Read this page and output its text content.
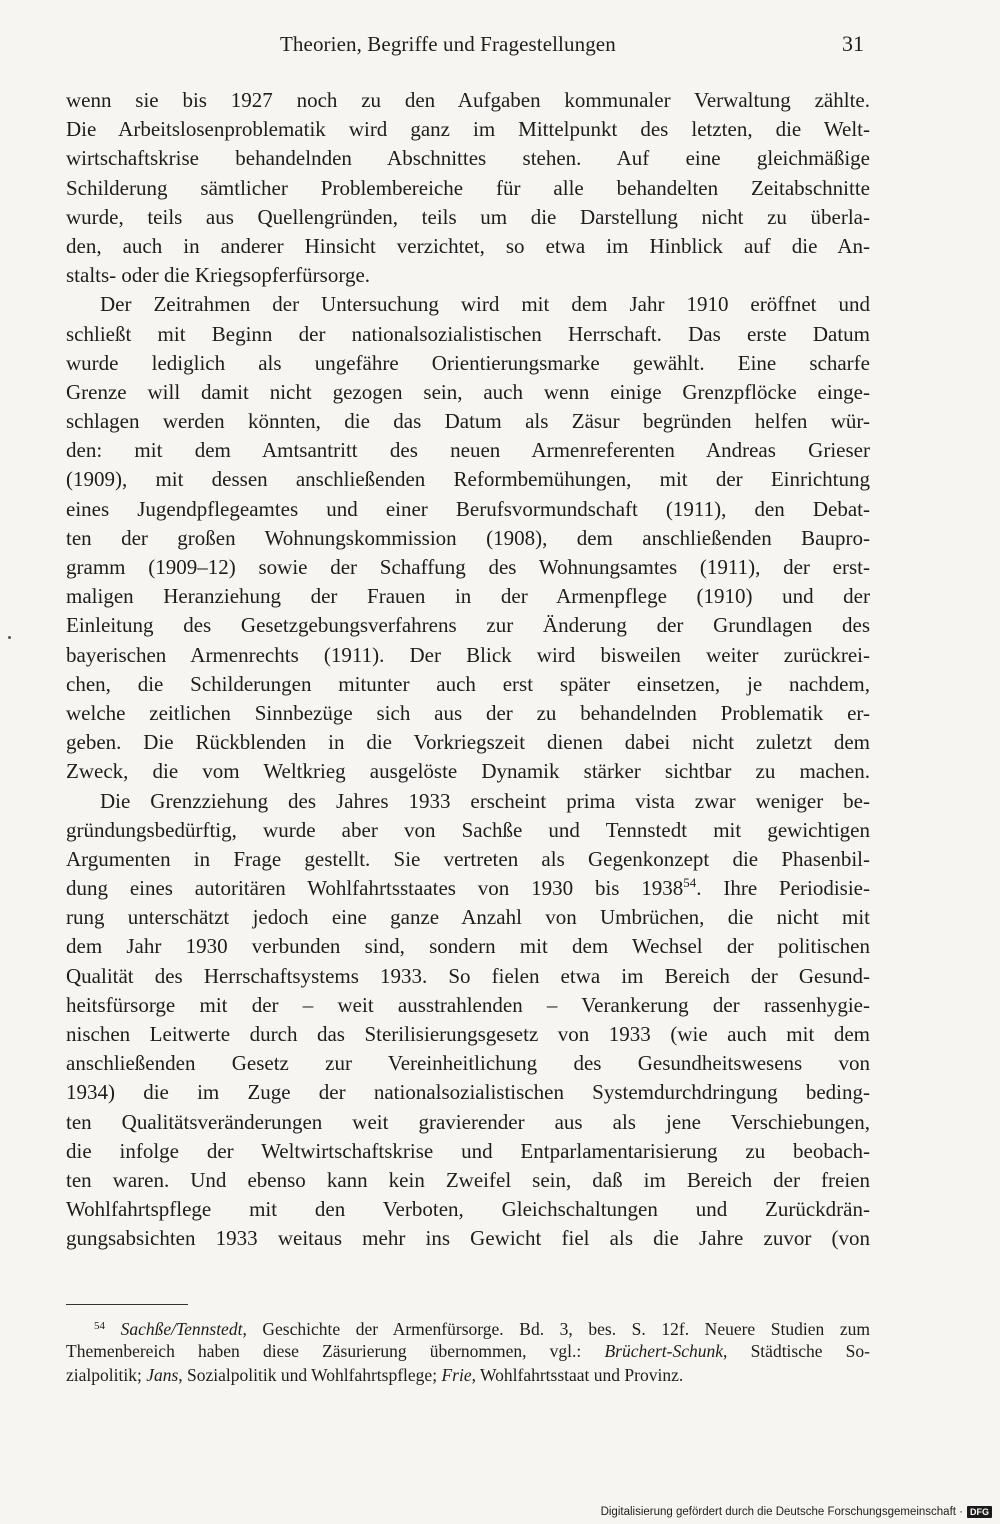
Theorien, Begriffe und Fragestellungen	31
wenn sie bis 1927 noch zu den Aufgaben kommunaler Verwaltung zählte.
Die Arbeitslosenproblematik wird ganz im Mittelpunkt des letzten, die Welt-
wirtschaftskrise behandelnden Abschnittes stehen. Auf eine gleichmäßige
Schilderung sämtlicher Problembereiche für alle behandelten Zeitabschnitte
wurde, teils aus Quellengründen, teils um die Darstellung nicht zu überla-
den, auch in anderer Hinsicht verzichtet, so etwa im Hinblick auf die An-
stalts- oder die Kriegsopferfürsorge.
Der Zeitrahmen der Untersuchung wird mit dem Jahr 1910 eröffnet und
schließt mit Beginn der nationalsozialistischen Herrschaft. Das erste Datum
wurde lediglich als ungefähre Orientierungsmarke gewählt. Eine scharfe
Grenze will damit nicht gezogen sein, auch wenn einige Grenzpflöcke einge-
schlagen werden könnten, die das Datum als Zäsur begründen helfen wür-
den: mit dem Amtsantritt des neuen Armenreferenten Andreas Grieser
(1909), mit dessen anschließenden Reformbemühungen, mit der Einrichtung
eines Jugendpflegeamtes und einer Berufsvormundschaft (1911), den Debat-
ten der großen Wohnungskommission (1908), dem anschließenden Baupro-
gramm (1909–12) sowie der Schaffung des Wohnungsamtes (1911), der erst-
maligen Heranziehung der Frauen in der Armenpflege (1910) und der
Einleitung des Gesetzgebungsverfahrens zur Änderung der Grundlagen des
bayerischen Armenrechts (1911). Der Blick wird bisweilen weiter zurückrei-
chen, die Schilderungen mitunter auch erst später einsetzen, je nachdem,
welche zeitlichen Sinnbezüge sich aus der zu behandelnden Problematik er-
geben. Die Rückblenden in die Vorkriegszeit dienen dabei nicht zuletzt dem
Zweck, die vom Weltkrieg ausgelöste Dynamik stärker sichtbar zu machen.
Die Grenzziehung des Jahres 1933 erscheint prima vista zwar weniger be-
gründungsbedürftig, wurde aber von Sachße und Tennstedt mit gewichtigen
Argumenten in Frage gestellt. Sie vertreten als Gegenkonzept die Phasenbil-
dung eines autoritären Wohlfahrtsstaates von 1930 bis 1938$^{54}$. Ihre Periodisie-
rung unterschätzt jedoch eine ganze Anzahl von Umbrüchen, die nicht mit
dem Jahr 1930 verbunden sind, sondern mit dem Wechsel der politischen
Qualität des Herrschaftsystems 1933. So fielen etwa im Bereich der Gesund-
heitsfürsorge mit der – weit ausstrahlenden – Verankerung der rassenhygie-
nischen Leitwerte durch das Sterilisierungsgesetz von 1933 (wie auch mit dem
anschließenden Gesetz zur Vereinheitlichung des Gesundheitswesens von
1934) die im Zuge der nationalsozialistischen Systemdurchdringung beding-
ten Qualitätsveränderungen weit gravierender aus als jene Verschiebungen,
die infolge der Weltwirtschaftskrise und Entparlamentarisierung zu beobach-
ten waren. Und ebenso kann kein Zweifel sein, daß im Bereich der freien
Wohlfahrtspflege mit den Verboten, Gleichschaltungen und Zurückdrän-
gungsabsichten 1933 weitaus mehr ins Gewicht fiel als die Jahre zuvor (von
$^{54}$ Sachße/Tennstedt, Geschichte der Armenfürsorge. Bd. 3, bes. S. 12f. Neuere Studien zum
Themenbereich haben diese Zäsurierung übernommen, vgl.: Brüchert-Schunk, Städtische So-
zialpolitik; Jans, Sozialpolitik und Wohlfahrtspflege; Frie, Wohlfahrtsstaat und Provinz.
Digitalisierung gefördert durch die Deutsche Forschungsgemeinschaft · DFG
